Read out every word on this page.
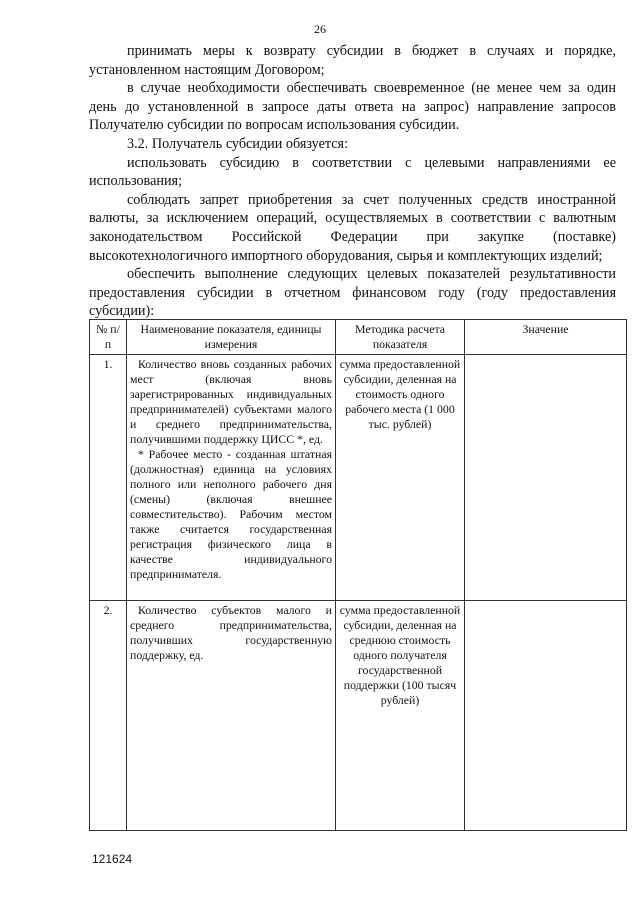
26

принимать меры к возврату субсидии в бюджет в случаях и порядке, установленном настоящим Договором;

в случае необходимости обеспечивать своевременное (не менее чем за один день до установленной в запросе даты ответа на запрос) направление запросов Получателю субсидии по вопросам использования субсидии.

3.2. Получатель субсидии обязуется:

использовать субсидию в соответствии с целевыми направлениями ее использования;

соблюдать запрет приобретения за счет полученных средств иностранной валюты, за исключением операций, осуществляемых в соответствии с валютным законодательством Российской Федерации при закупке (поставке) высокотехнологичного импортного оборудования, сырья и комплектующих изделий;

обеспечить выполнение следующих целевых показателей результативности предоставления субсидии в отчетном финансовом году (году предоставления субсидии):

№ п/п	Наименование показателя, единицы измерения	Методика расчета показателя	Значение
1.	Количество вновь созданных рабочих мест (включая вновь зарегистрированных индивидуальных предпринимателей) субъектами малого и среднего предпринимательства, получившими поддержку ЦИСС *, ед.
* Рабочее место - созданная штатная (должностная) единица на условиях полного или неполного рабочего дня (смены) (включая внешнее совместительство). Рабочим местом также считается государственная регистрация физического лица в качестве индивидуального предпринимателя.	сумма предоставленной субсидии, деленная на стоимость одного рабочего места (1 000 тыс. рублей)	
2.	Количество субъектов малого и среднего предпринимательства, получивших государственную поддержку, ед.	сумма предоставленной субсидии, деленная на среднюю стоимость одного получателя государственной поддержки (100 тысяч рублей)	
121624
